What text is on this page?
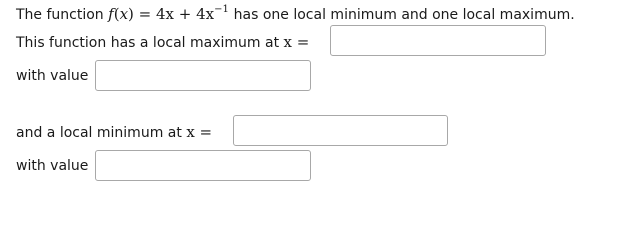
The function $f(x) = 4x + 4x^{-1}$ has one local minimum and one local maximum.
This function has a local maximum at x =
with value
and a local minimum at x =
with value
